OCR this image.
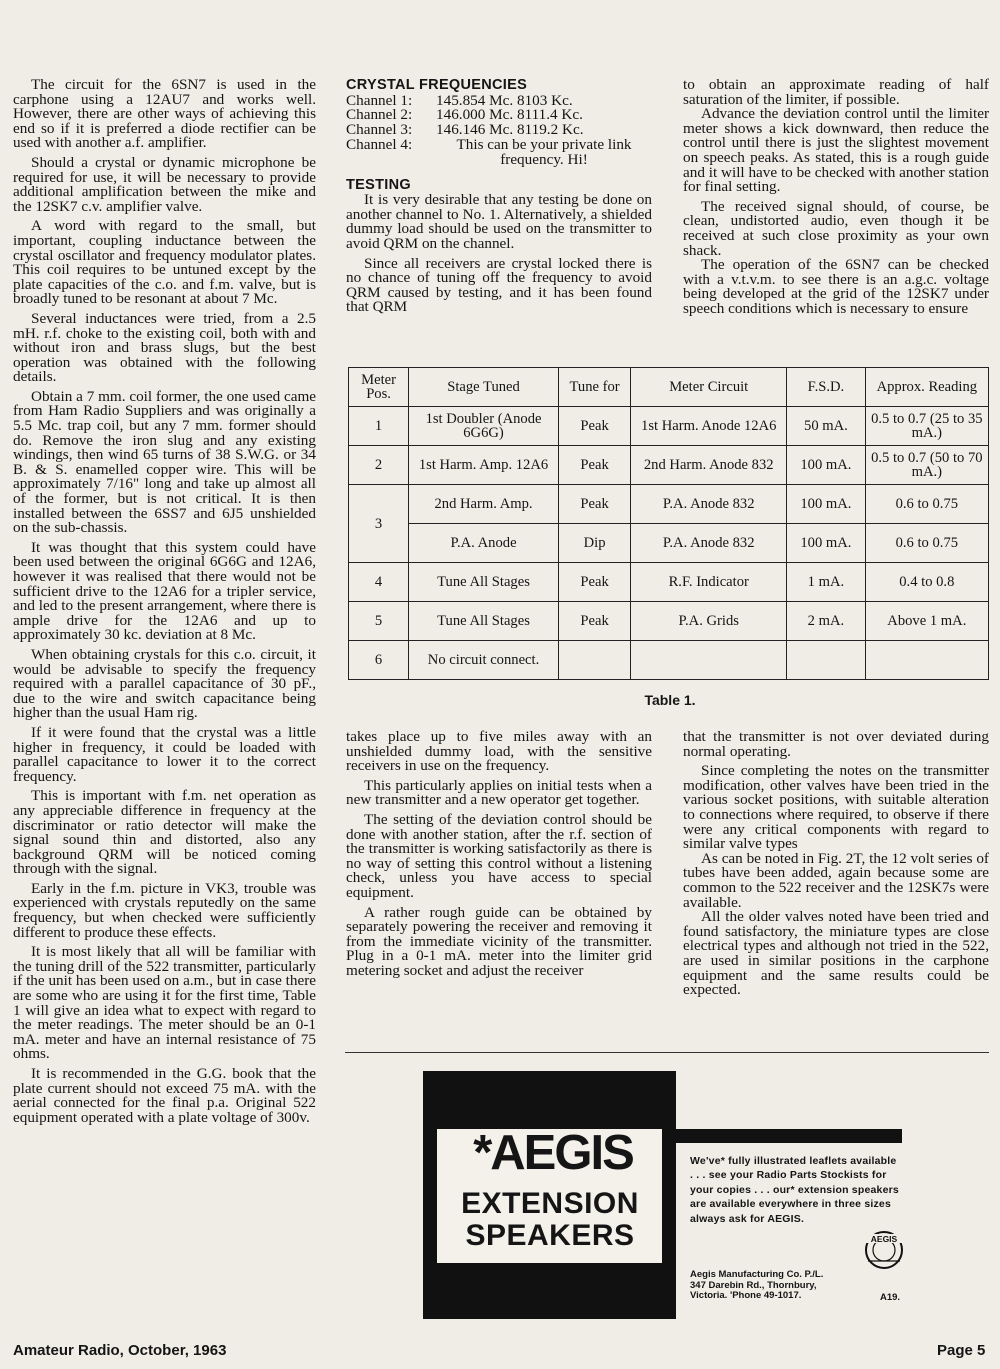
The circuit for the 6SN7 is used in the carphone using a 12AU7 and works well. However, there are other ways of achieving this end so if it is preferred a diode rectifier can be used with another a.f. amplifier.

Should a crystal or dynamic microphone be required for use, it will be necessary to provide additional amplification between the mike and the 12SK7 c.v. amplifier valve.

A word with regard to the small, but important, coupling inductance between the crystal oscillator and frequency modulator plates. This coil requires to be untuned except by the plate capacities of the c.o. and f.m. valve, but is broadly tuned to be resonant at about 7 Mc.

Several inductances were tried, from a 2.5 mH. r.f. choke to the existing coil, both with and without iron and brass slugs, but the best operation was obtained with the following details.

Obtain a 7 mm. coil former, the one used came from Ham Radio Suppliers and was originally a 5.5 Mc. trap coil, but any 7 mm. former should do. Remove the iron slug and any existing windings, then wind 65 turns of 38 S.W.G. or 34 B. & S. enamelled copper wire. This will be approximately 7/16" long and take up almost all of the former, but is not critical. It is then installed between the 6SS7 and 6J5 unshielded on the sub-chassis.

It was thought that this system could have been used between the original 6G6G and 12A6, however it was realised that there would not be sufficient drive to the 12A6 for a tripler service, and led to the present arrangement, where there is ample drive for the 12A6 and up to approximately 30 kc. deviation at 8 Mc.

When obtaining crystals for this c.o. circuit, it would be advisable to specify the frequency required with a parallel capacitance of 30 pF., due to the wire and switch capacitance being higher than the usual Ham rig.

If it were found that the crystal was a little higher in frequency, it could be loaded with parallel capacitance to lower it to the correct frequency.

This is important with f.m. net operation as any appreciable difference in frequency at the discriminator or ratio detector will make the signal sound thin and distorted, also any background QRM will be noticed coming through with the signal.

Early in the f.m. picture in VK3, trouble was experienced with crystals reputedly on the same frequency, but when checked were sufficiently different to produce these effects.

It is most likely that all will be familiar with the tuning drill of the 522 transmitter, particularly if the unit has been used on a.m., but in case there are some who are using it for the first time, Table 1 will give an idea what to expect with regard to the meter readings. The meter should be an 0-1 mA. meter and have an internal resistance of 75 ohms.

It is recommended in the G.G. book that the plate current should not exceed 75 mA. with the aerial connected for the final p.a. Original 522 equipment operated with a plate voltage of 300v.

CRYSTAL FREQUENCIES
Channel 1:	145.854 Mc. 8103 Kc.
Channel 2:	146.000 Mc. 8111.4 Kc.
Channel 3:	146.146 Mc. 8119.2 Kc.
Channel 4:	This can be your private link frequency. Hi!
TESTING

It is very desirable that any testing be done on another channel to No. 1. Alternatively, a shielded dummy load should be used on the transmitter to avoid QRM on the channel.

Since all receivers are crystal locked there is no chance of tuning off the frequency to avoid QRM caused by testing, and it has been found that QRM

to obtain an approximate reading of half saturation of the limiter, if possible.

Advance the deviation control until the limiter meter shows a kick downward, then reduce the control until there is just the slightest movement on speech peaks. As stated, this is a rough guide and it will have to be checked with another station for final setting.

The received signal should, of course, be clean, undistorted audio, even though it be received at such close proximity as your own shack.

The operation of the 6SN7 can be checked with a v.t.v.m. to see there is an a.g.c. voltage being developed at the grid of the 12SK7 under speech conditions which is necessary to ensure

Meter Pos.	Stage Tuned	Tune for	Meter Circuit	F.S.D.	Approx. Reading
1	1st Doubler (Anode 6G6G)	Peak	1st Harm. Anode 12A6	50 mA.	0.5 to 0.7 (25 to 35 mA.)
2	1st Harm. Amp. 12A6	Peak	2nd Harm. Anode 832	100 mA.	0.5 to 0.7 (50 to 70 mA.)
3	2nd Harm. Amp.	Peak	P.A. Anode 832	100 mA.	0.6 to 0.75
	P.A. Anode	Dip	P.A. Anode 832	100 mA.	0.6 to 0.75
4	Tune All Stages	Peak	R.F. Indicator	1 mA.	0.4 to 0.8
5	Tune All Stages	Peak	P.A. Grids	2 mA.	Above 1 mA.
6	No circuit connect.				
Table 1.

takes place up to five miles away with an unshielded dummy load, with the sensitive receivers in use on the frequency.

This particularly applies on initial tests when a new transmitter and a new operator get together.

The setting of the deviation control should be done with another station, after the r.f. section of the transmitter is working satisfactorily as there is no way of setting this control without a listening check, unless you have access to special equipment.

A rather rough guide can be obtained by separately powering the receiver and removing it from the immediate vicinity of the transmitter. Plug in a 0-1 mA. meter into the limiter grid metering socket and adjust the receiver

that the transmitter is not over deviated during normal operating.

Since completing the notes on the transmitter modification, other valves have been tried in the various socket positions, with suitable alteration to connections where required, to observe if there were any critical components with regard to similar valve types

As can be noted in Fig. 2T, the 12 volt series of tubes have been added, again because some are common to the 522 receiver and the 12SK7s were available.

All the older valves noted have been tried and found satisfactory, the miniature types are close electrical types and although not tried in the 522, are used in similar positions in the carphone equipment and the same results could be expected.

*AEGIS
EXTENSION
SPEAKERS
We've* fully illustrated leaflets available . . . see your Radio Parts Stockists for your copies . . . our* extension speakers are available everywhere in three sizes always ask for AEGIS.
AEGIS
Aegis Manufacturing Co. P./L.
347 Darebin Rd., Thornbury,
Victoria. 'Phone 49-1017.	A19.
Amateur Radio, October, 1963	Page 5
